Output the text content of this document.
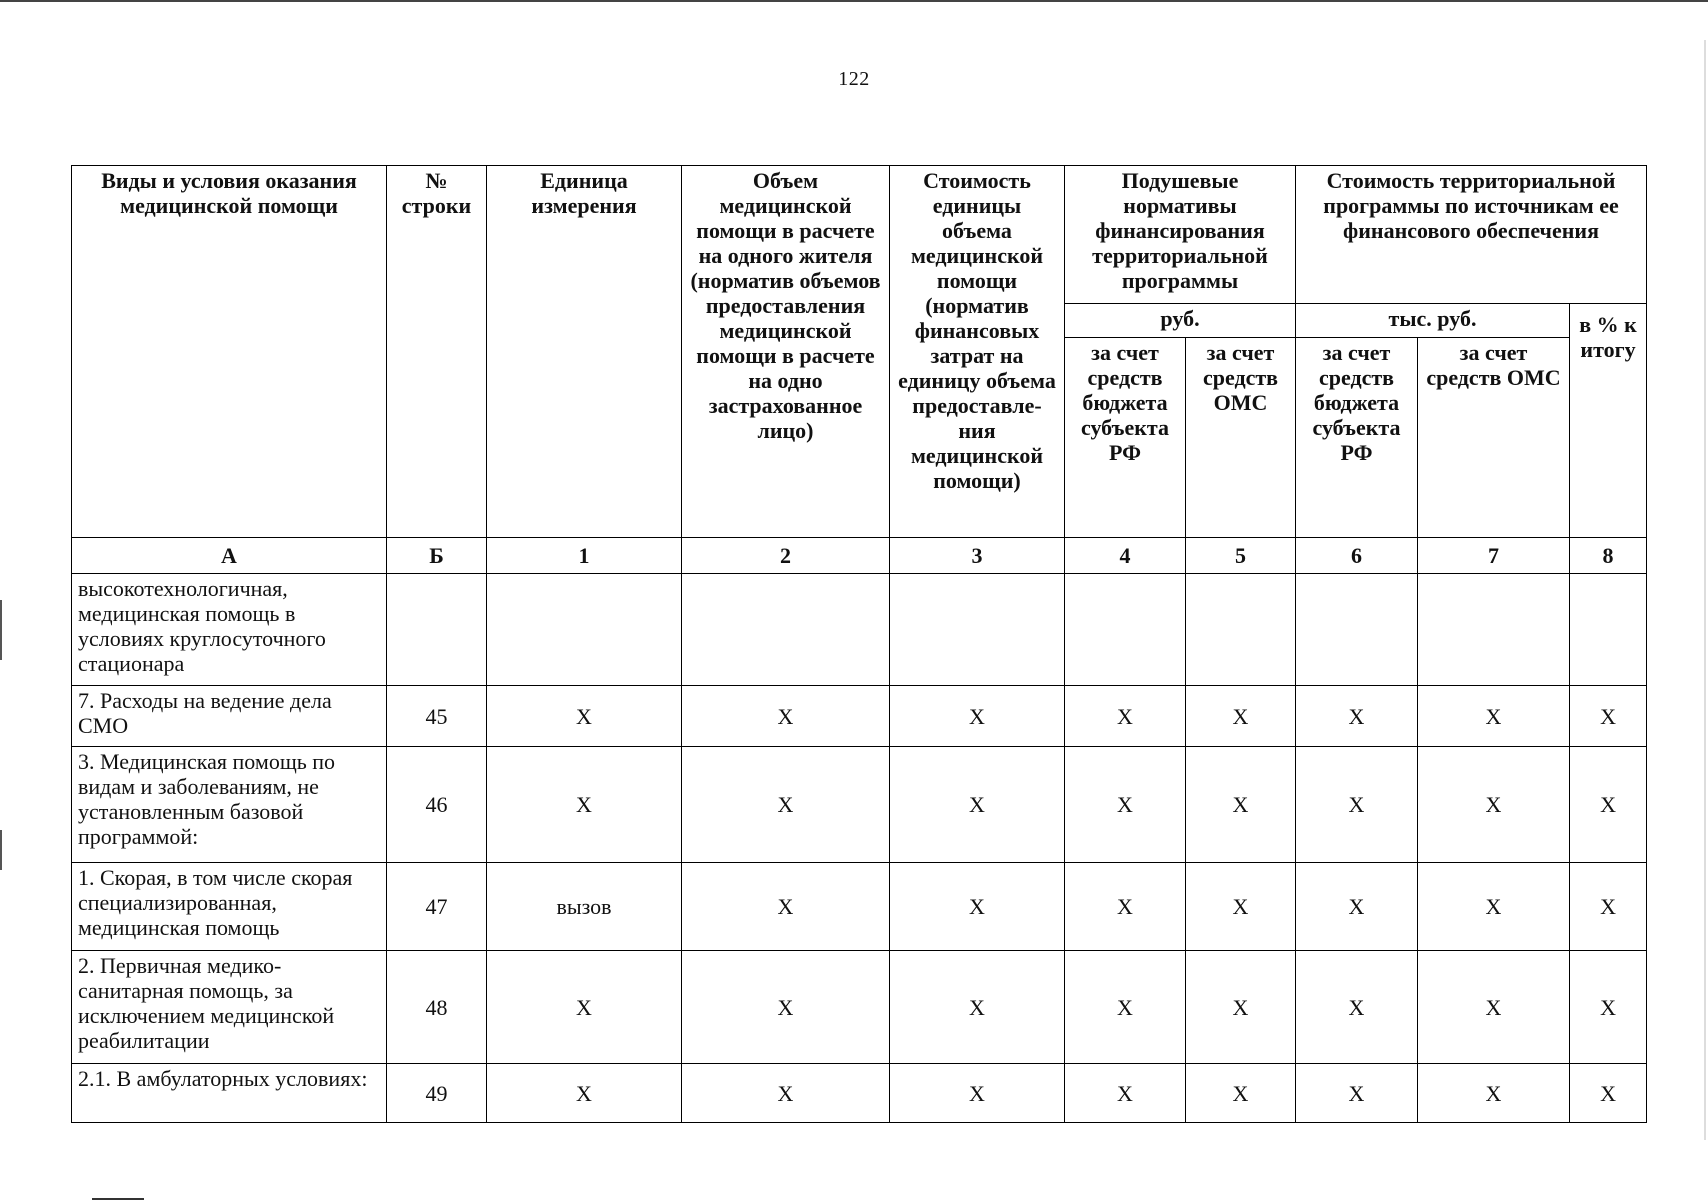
122
Виды и условия оказания медицинской помощи	№ строки	Единица измерения	Объем медицинской помощи в расчете на одного жителя (норматив объемов предоставления медицинской помощи в расчете на одно застрахованное лицо)	Стоимость единицы объема медицинской помощи (норматив финансовых затрат на единицу объема предоставле-ния медицинской помощи)	Подушевые нормативы финансирования территориальной программы		Стоимость территориальной программы по источникам ее финансового обеспечения		
					руб.		тыс. руб.		в % к итогу
					за счет средств бюджета субъекта РФ	за счет средств ОМС	за счет средств бюджета субъекта РФ	за счет средств ОМС	
А	Б	1	2	3	4	5	6	7	8
высокотехнологичная, медицинская помощь в условиях круглосуточного стационара									
7. Расходы на ведение дела СМО	45	Х	Х	Х	Х	Х	Х	Х	Х
3. Медицинская помощь по видам и заболеваниям, не установленным базовой программой:	46	Х	Х	Х	Х	Х	Х	Х	Х
1. Скорая, в том числе скорая специализированная, медицинская помощь	47	вызов	Х	Х	Х	Х	Х	Х	Х
2. Первичная медико-санитарная помощь, за исключением медицинской реабилитации	48	Х	Х	Х	Х	Х	Х	Х	Х
2.1. В амбулаторных условиях:	49	Х	Х	Х	Х	Х	Х	Х	Х
